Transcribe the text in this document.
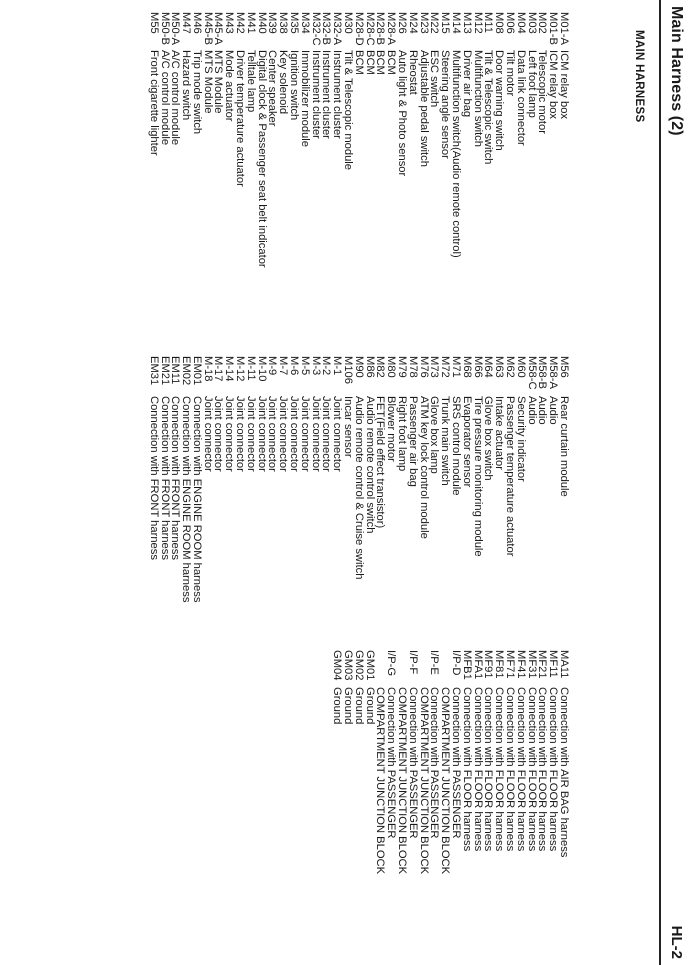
Main Harness (2)
HL-2
MAIN HARNESS
M01-AICM relay box
M01-BICM relay box
M02Telescopic motor
M03Left foot lamp
M04Data link connector
M06Tilt motor
M08Door warning switch
M11Tilt & Telescopic switch
M12Multifunction switch
M13Driver air bag
M14Multifunction switch(Audio remote control)
M15Steering angle sensor
M22ESC switch
M23Adjustable pedal switch
M24Rheostat
M26Auto light & Photo sensor
M28-ABCM
M28-BBCM
M28-CBCM
M28-DBCM
M30Tilt & Telescopic module
M32-AInstrument cluster
M32-BInstrument cluster
M32-CInstrument cluster
M34Immobilizer module
M35Ignition switch
M38Key solenoid
M39Center speaker
M40Digital clock & Passenger seat belt indicator
M41Telltale lamp
M42Driver temperature actuator
M43Mode actuator
M45-AMTS Module
M45-BMTS Module
M46Trip mode switch
M47Hazard switch
M50-AA/C control module
M50-BA/C control module
M55Front cigarette lighter
M56Rear curtain module
M58-AAudio
M58-BAudio
M58-CAudio
M60Security indicator
M62Passenger temperature actuator
M63Intake actuator
M64Glove box switch
M66Tire pressure monitoring module
M68Evaporator sensor
M71SRS control module
M72Trunk main switch
M73Glove box lamp
M76ATM key lock control module
M78Passenger air bag
M79Right foot lamp
M80Blower motor
M82FET(Field effect transistor)
M86Audio remote control switch
M90Audio remote control & Cruise switch
M106Incar sensor
M-1Joint connector
M-2Joint connector
M-3Joint connector
M-5Joint connector
M-6Joint connector
M-7Joint connector
M-9Joint connector
M-10Joint connector
M-11Joint connector
M-12Joint connector
M-14Joint connector
M-17Joint connector
M-18Joint connector
EM01Connection with ENGINE ROOM harness
EM02Connection with ENGINE ROOM harness
EM11Connection with FRONT harness
EM21Connection with FRONT harness
EM31Connection with FRONT harness
MA11Connection with AIR BAG harness
MF11Connection with FLOOR harness
MF21Connection with FLOOR harness
MF31Connection with FLOOR harness
MF41Connection with FLOOR harness
MF71Connection with FLOOR harness
MF81Connection with FLOOR harness
MF91Connection with FLOOR harness
MFA1Connection with FLOOR harness
MFB1Connection with FLOOR harness
I/P-DConnection with PASSENGER
COMPARTMENT JUNCTION BLOCK
I/P-EConnection with PASSENGER
COMPARTMENT JUNCTION BLOCK
I/P-FConnection with PASSENGER
COMPARTMENT JUNCTION BLOCK
I/P-GConnection with PASSENGER
COMPARTMENT JUNCTION BLOCK
GM01Ground
GM02Ground
GM03Ground
GM04Ground
